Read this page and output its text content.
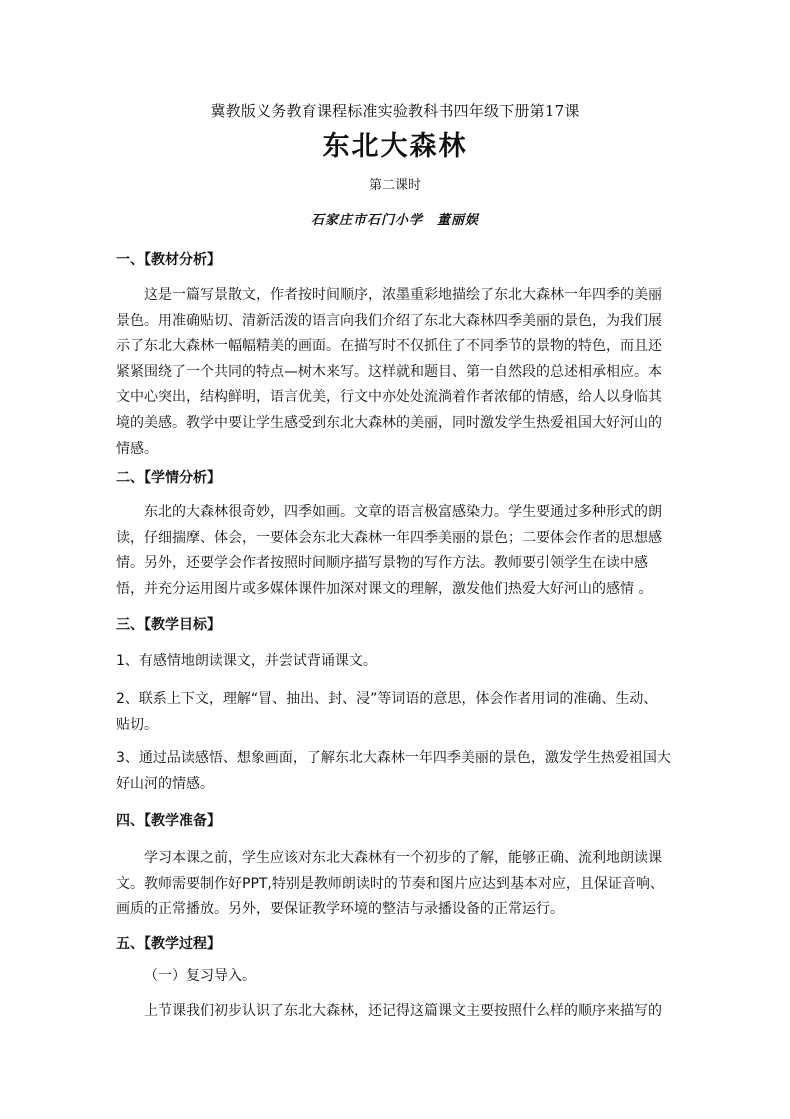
冀教版义务教育课程标准实验教科书四年级下册第17课
东北大森林
第二课时
石家庄市石门小学　董丽娱
一、【教材分析】
这是一篇写景散文，作者按时间顺序，浓墨重彩地描绘了东北大森林一年四季的美丽
景色。用准确贴切、清新活泼的语言向我们介绍了东北大森林四季美丽的景色，为我们展
示了东北大森林一幅幅精美的画面。在描写时不仅抓住了不同季节的景物的特色，而且还
紧紧围绕了一个共同的特点—树木来写。这样就和题目、第一自然段的总述相承相应。本
文中心突出，结构鲜明，语言优美，行文中亦处处流淌着作者浓郁的情感，给人以身临其
境的美感。教学中要让学生感受到东北大森林的美丽，同时激发学生热爱祖国大好河山的
情感。
二、【学情分析】
东北的大森林很奇妙，四季如画。文章的语言极富感染力。学生要通过多种形式的朗
读，仔细揣摩、体会，一要体会东北大森林一年四季美丽的景色；二要体会作者的思想感
情。另外，还要学会作者按照时间顺序描写景物的写作方法。教师要引领学生在读中感
悟，并充分运用图片或多媒体课件加深对课文的理解，激发他们热爱大好河山的感情 。
三、【教学目标】
1、有感情地朗读课文，并尝试背诵课文。
2、联系上下文，理解“冒、抽出、封、浸”等词语的意思，体会作者用词的准确、生动、
贴切。
3、通过品读感悟、想象画面，了解东北大森林一年四季美丽的景色，激发学生热爱祖国大
好山河的情感。
四、【教学准备】
学习本课之前，学生应该对东北大森林有一个初步的了解，能够正确、流利地朗读课
文。教师需要制作好PPT,特别是教师朗读时的节奏和图片应达到基本对应，且保证音响、
画质的正常播放。另外，要保证教学环境的整洁与录播设备的正常运行。
五、【教学过程】
（一）复习导入。
上节课我们初步认识了东北大森林，还记得这篇课文主要按照什么样的顺序来描写的
